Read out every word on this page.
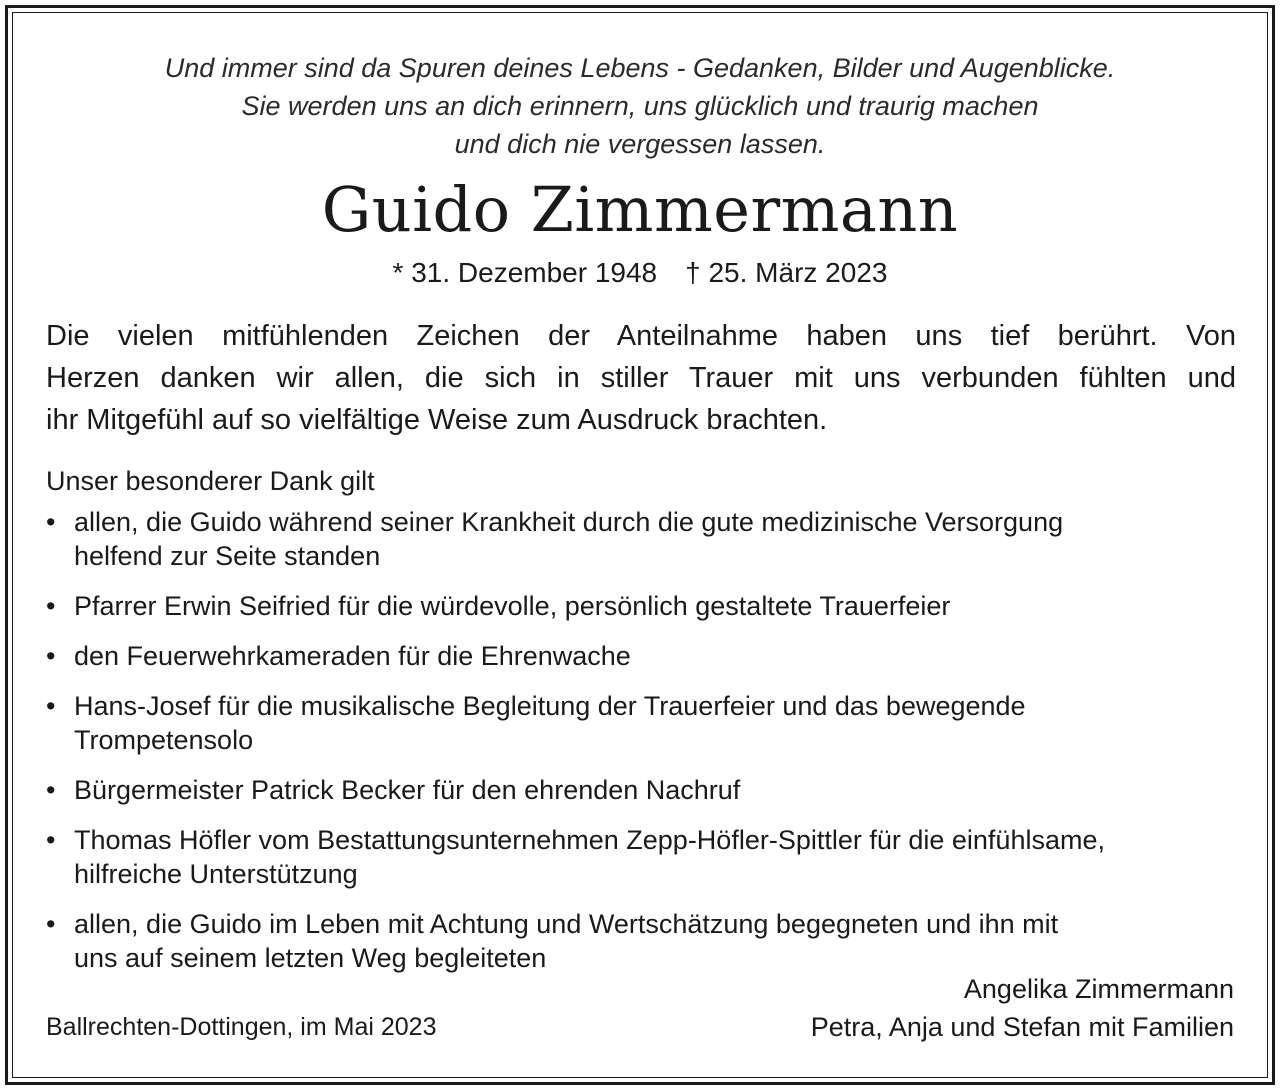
Und immer sind da Spuren deines Lebens - Gedanken, Bilder und Augenblicke.
Sie werden uns an dich erinnern, uns glücklich und traurig machen
und dich nie vergessen lassen.
Guido Zimmermann
* 31. Dezember 1948 † 25. März 2023
Die vielen mitfühlenden Zeichen der Anteilnahme haben uns tief berührt. Von
Herzen danken wir allen, die sich in stiller Trauer mit uns verbunden fühlten und
ihr Mitgefühl auf so vielfältige Weise zum Ausdruck brachten.
Unser besonderer Dank gilt
• allen, die Guido während seiner Krankheit durch die gute medizinische Versorgung
helfend zur Seite standen
• Pfarrer Erwin Seifried für die würdevolle, persönlich gestaltete Trauerfeier
• den Feuerwehrkameraden für die Ehrenwache
• Hans-Josef für die musikalische Begleitung der Trauerfeier und das bewegende
Trompetensolo
• Bürgermeister Patrick Becker für den ehrenden Nachruf
• Thomas Höfler vom Bestattungsunternehmen Zepp-Höfler-Spittler für die einfühlsame,
hilfreiche Unterstützung
• allen, die Guido im Leben mit Achtung und Wertschätzung begegneten und ihn mit
uns auf seinem letzten Weg begleiteten
Ballrechten-Dottingen, im Mai 2023
Angelika Zimmermann
Petra, Anja und Stefan mit Familien
